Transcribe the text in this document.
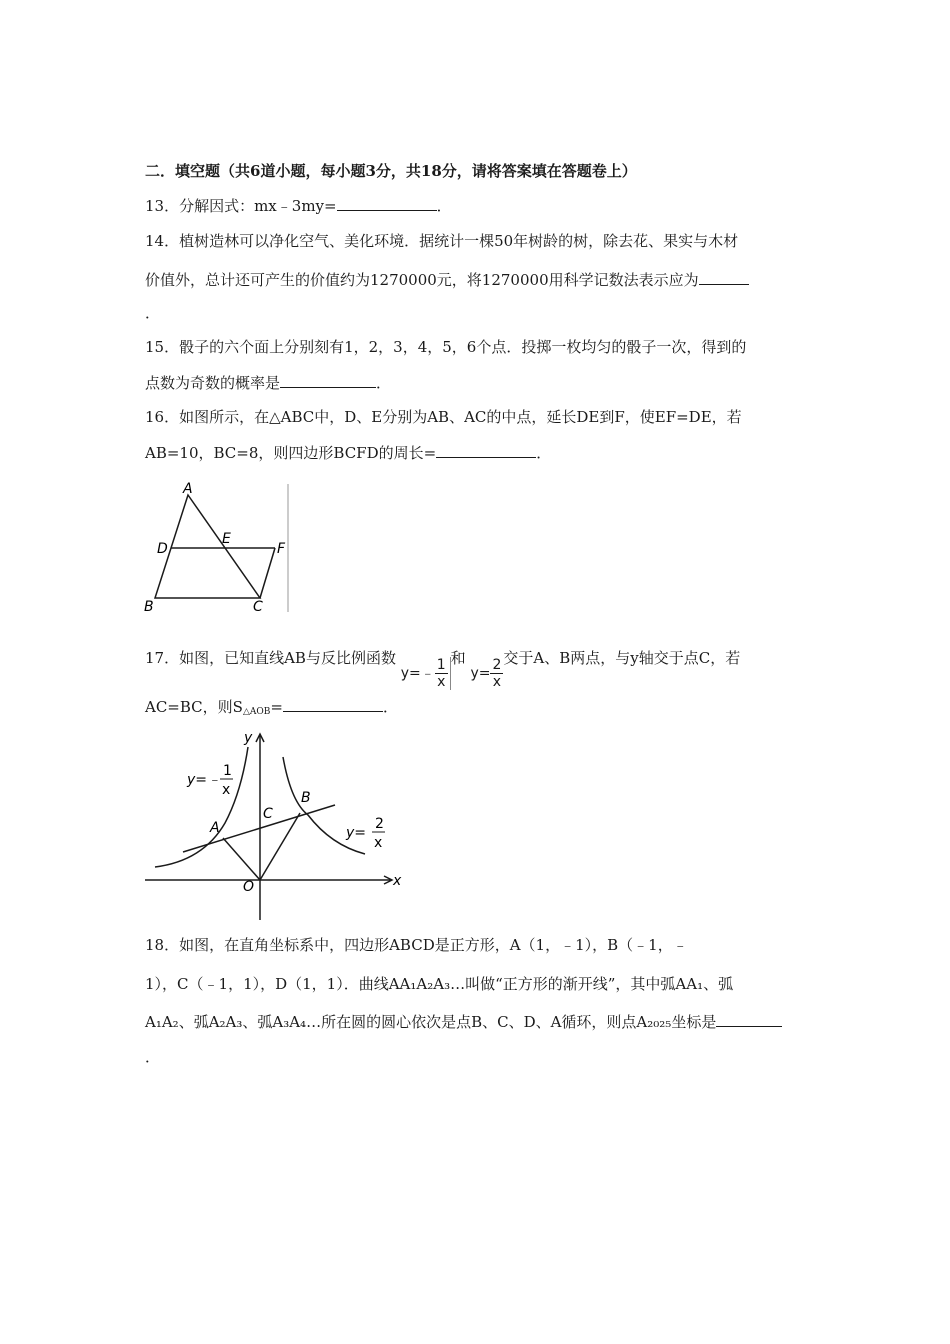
二．填空题（共6道小题，每小题3分，共18分，请将答案填在答题卷上）
13．分解因式：mx﹣3my=	．
14．植树造林可以净化空气、美化环境．据统计一棵50年树龄的树，除去花、果实与木材
价值外，总计还可产生的价值约为1270000元，将1270000用科学记数法表示应为
．
15．骰子的六个面上分别刻有1，2，3，4，5，6个点．投掷一枚均匀的骰子一次，得到的
点数为奇数的概率是	．
16．如图所示，在△ABC中，D、E分别为AB、AC的中点，延长DE到F，使EF=DE，若
AB=10，BC=8，则四边形BCFD的周长=	．
A
D
E
F
B	C
17．如图，已知直线AB与反比例函数 y=﹣ $\frac{1}{x}$ 和 $y= \frac{2}{x}$ 交于A、B两点，与y轴交于点C，若
AC=BC，则$S_{\triangle AOB}=$	．
y
x
O
A
B
C
y=﹣
1
x
y=
2
x
18．如图，在直角坐标系中，四边形ABCD是正方形，A（1，﹣1），B（﹣1，﹣
1），C（﹣1，1），D（1，1）．曲线AA₁A₂A₃…叫做“正方形的渐开线”，其中弧AA₁、弧
A₁A₂、弧A₂A₃、弧A₃A₄…所在圆的圆心依次是点B、C、D、A循环，则点A₂₀₂₅坐标是
．
